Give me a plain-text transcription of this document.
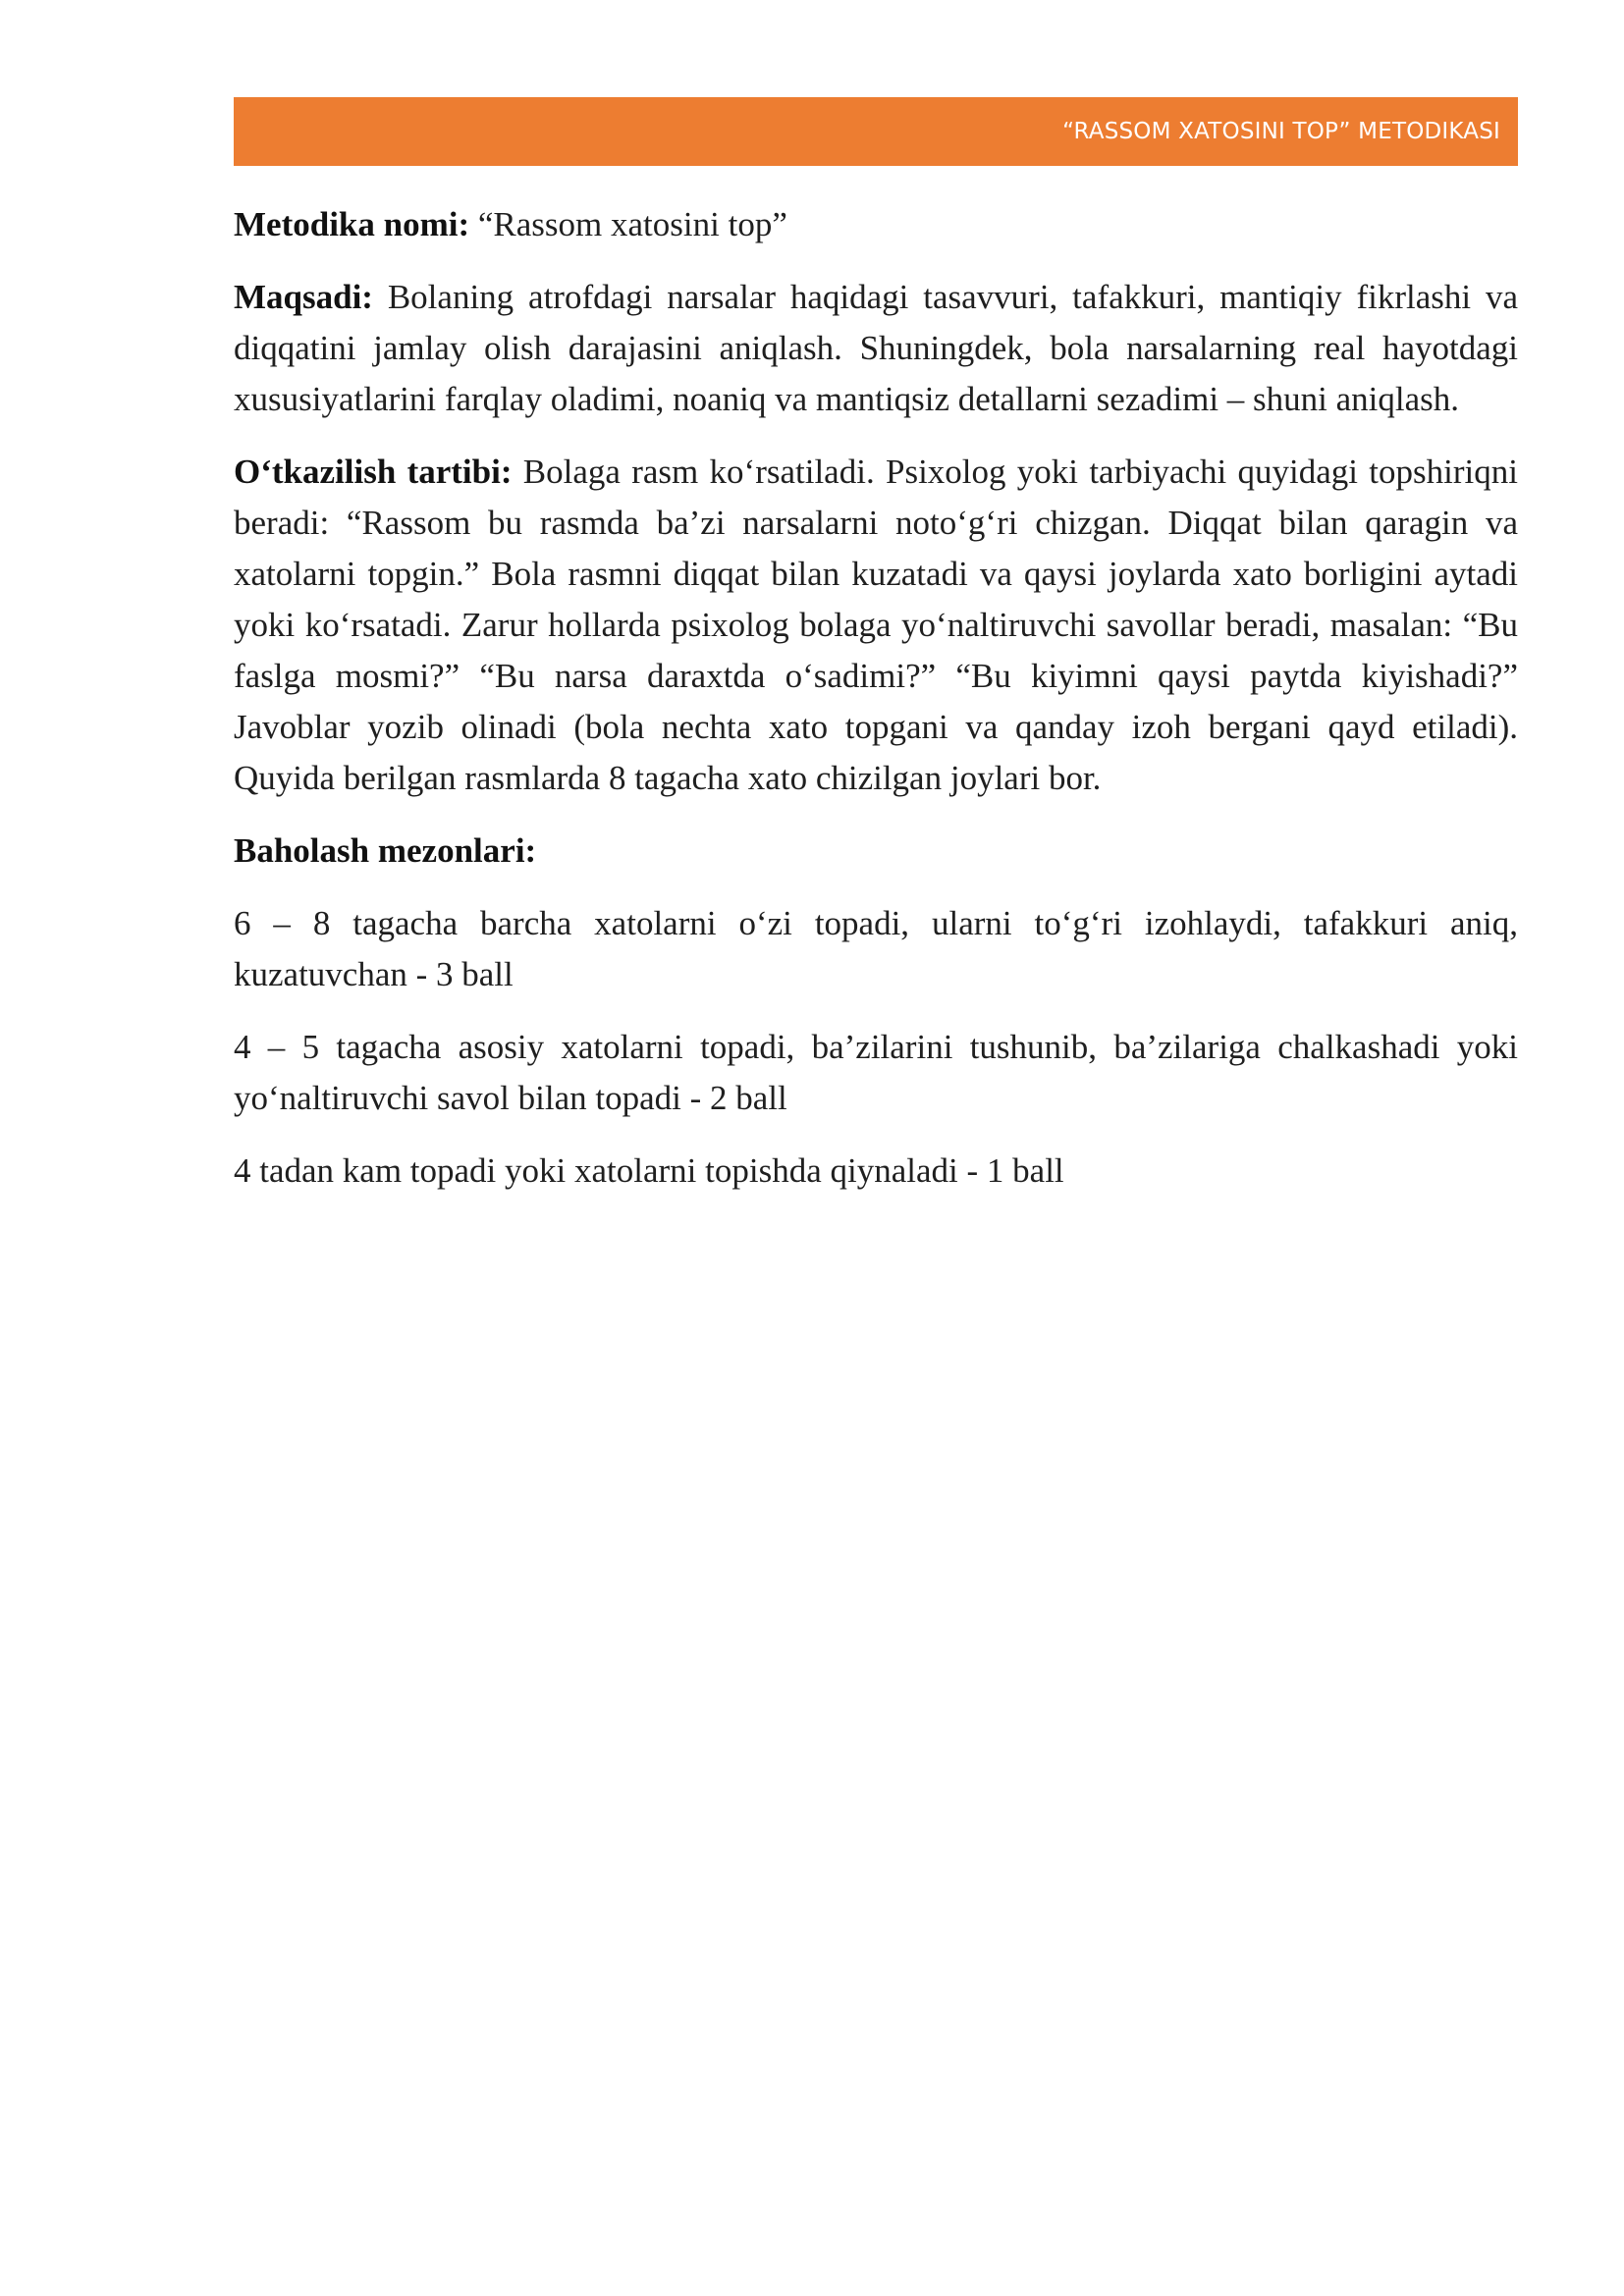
“RASSOM XATOSINI TOP” METODIKASI

Metodika nomi: “Rassom xatosini top”

Maqsadi: Bolaning atrofdagi narsalar haqidagi tasavvuri, tafakkuri, mantiqiy fikrlashi va diqqatini jamlay olish darajasini aniqlash. Shuningdek, bola narsalarning real hayotdagi xususiyatlarini farqlay oladimi, noaniq va mantiqsiz detallarni sezadimi – shuni aniqlash.

O‘tkazilish tartibi: Bolaga rasm ko‘rsatiladi. Psixolog yoki tarbiyachi quyidagi topshiriqni beradi: “Rassom bu rasmda ba’zi narsalarni noto‘g‘ri chizgan. Diqqat bilan qaragin va xatolarni topgin.” Bola rasmni diqqat bilan kuzatadi va qaysi joylarda xato borligini aytadi yoki ko‘rsatadi. Zarur hollarda psixolog bolaga yo‘naltiruvchi savollar beradi, masalan: “Bu faslga mosmi?” “Bu narsa daraxtda o‘sadimi?” “Bu kiyimni qaysi paytda kiyishadi?” Javoblar yozib olinadi (bola nechta xato topgani va qanday izoh bergani qayd etiladi). Quyida berilgan rasmlarda 8 tagacha xato chizilgan joylari bor.

Baholash mezonlari:

6 – 8 tagacha barcha xatolarni o‘zi topadi, ularni to‘g‘ri izohlaydi, tafakkuri aniq, kuzatuvchan - 3 ball

4 – 5 tagacha asosiy xatolarni topadi, ba’zilarini tushunib, ba’zilariga chalkashadi yoki yo‘naltiruvchi savol bilan topadi - 2 ball

4 tadan kam topadi yoki xatolarni topishda qiynaladi - 1 ball
